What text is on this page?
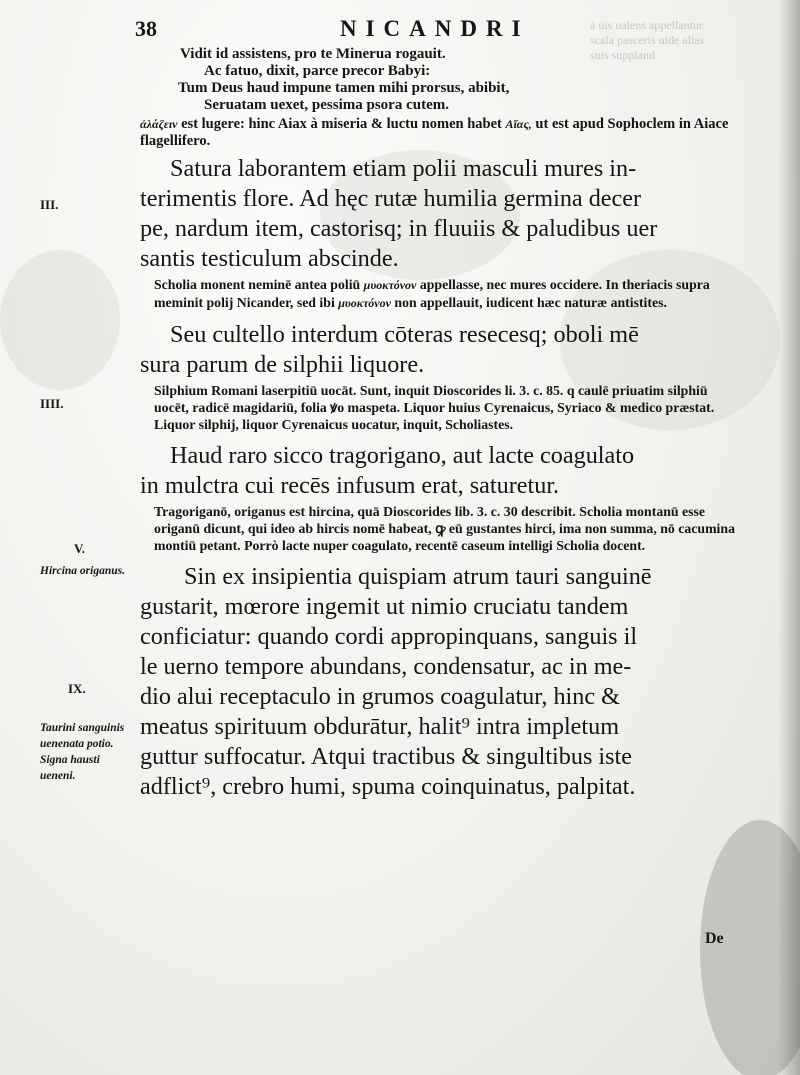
38	NICANDRI	à uis ualens appellantur.
scala pasceris uide alias
suis suppland
III.
IIII.
V.
Hircina origanus.
IX.
Taurini sanguinis uenenata potio. Signa hausti ueneni.

Vidit id assistens, pro te Minerua rogauit.

Ac fatuo, dixit, parce precor Babyi:

Tum Deus haud impune tamen mihi prorsus, abibit,

Seruatam uexet, pessima psora cutem.

ἀλάζειν est lugere: hinc Aiax à miseria & luctu nomen habet Αἴας, ut est apud Sophoclem in Aiace flagellifero.

Satura laborantem etiam polii masculi mures in-

terimentis flore. Ad hęc rutæ humilia germina decer

pe, nardum item, castorisq; in fluuiis & paludibus uer

santis testiculum abscinde.

Scholia monent neminē antea poliū μυοκτόνον appellasse, nec mures occidere. In theriacis supra meminit polij Nicander, sed ibi μυοκτόνον non appellauit, iudicent hæc naturæ antistites.

Seu cultello interdum cōteras resecesq; oboli mē

sura parum de silphii liquore.

Silphium Romani laserpitiū uocāt. Sunt, inquit Dioscorides li. 3. c. 85. q caulē priuatim silphiū uocēt, radicē magidariū, folia ꝟo maspeta. Liquor huius Cyrenaicus, Syriaco & medico præstat. Liquor silphij, liquor Cyrenaicus uocatur, inquit, Scholiastes.

Haud raro sicco tragorigano, aut lacte coagulato

in mulctra cui recēs infusum erat, saturetur.

Tragoriganō, origanus est hircina, quā Dioscorides lib. 3. c. 30 describit. Scholia montanū esse origanū dicunt, qui ideo ab hircis nomē habeat, ꝙ eū gustantes hirci, ima non summa, nō cacumina montiū petant. Porrò lacte nuper coagulato, recentē caseum intelligi Scholia docent.

Sin ex insipientia quispiam atrum tauri sanguinē

gustarit, mœrore ingemit ut nimio cruciatu tandem

conficiatur: quando cordi appropinquans, sanguis il

le uerno tempore abundans, condensatur, ac in me-

dio alui receptaculo in grumos coagulatur, hinc &

meatus spirituum obdurātur, halit⁹ intra impletum

guttur suffocatur. Atqui tractibus & singultibus iste

adflict⁹, crebro humi, spuma coinquinatus, palpitat.

De
